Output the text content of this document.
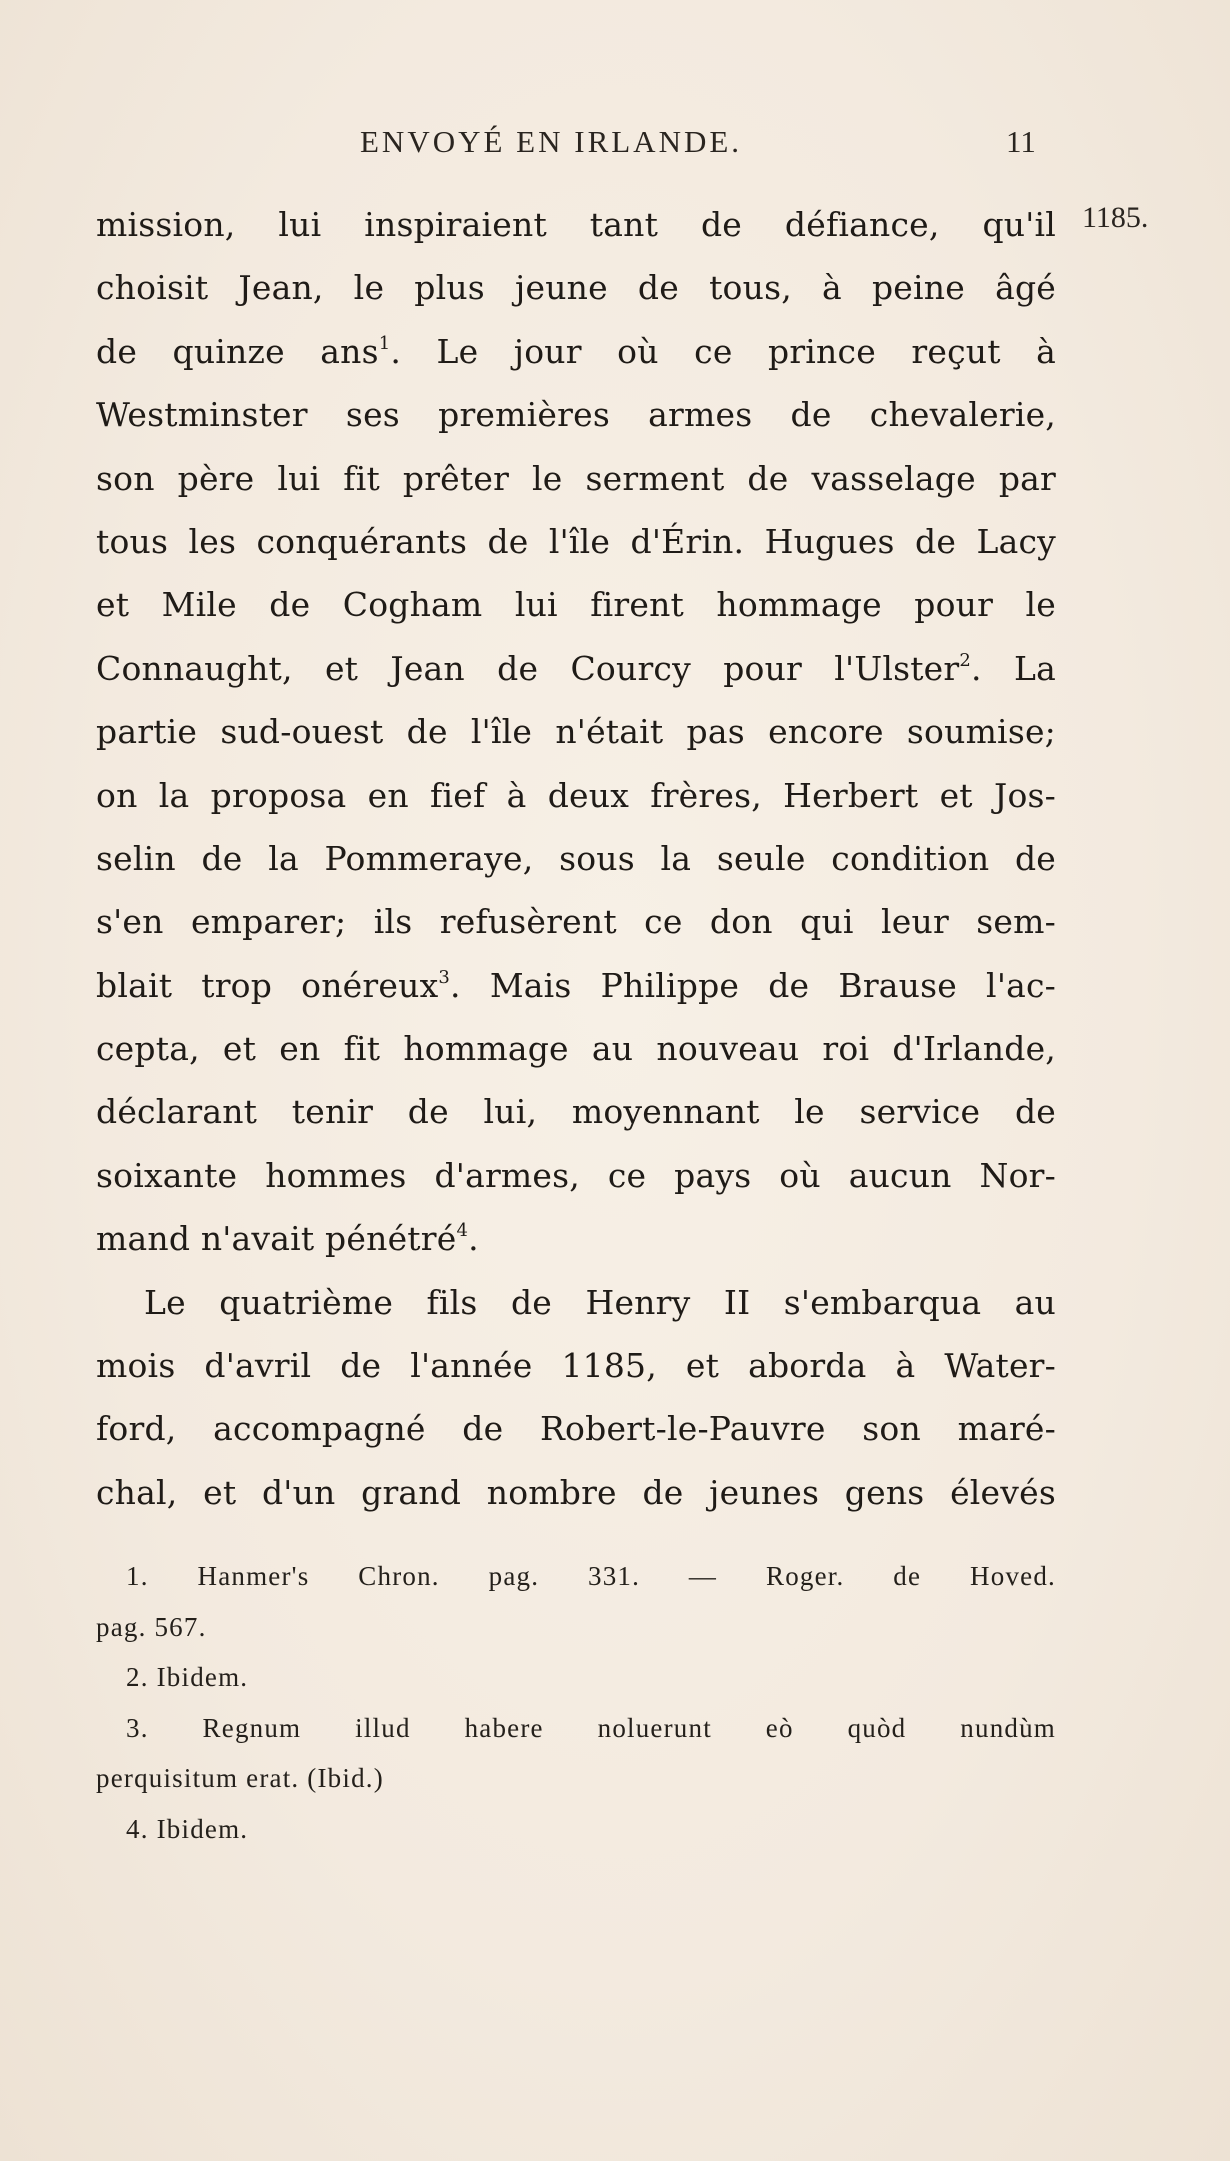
ENVOYÉ EN IRLANDE.	11
1185.
mission, lui inspiraient tant de défiance, qu'il
choisit Jean, le plus jeune de tous, à peine âgé
de quinze ans$^1$. Le jour où ce prince reçut à
Westminster ses premières armes de chevalerie,
son père lui fit prêter le serment de vasselage par
tous les conquérants de l'île d'Érin. Hugues de Lacy
et Mile de Cogham lui firent hommage pour le
Connaught, et Jean de Courcy pour l'Ulster$^2$. La
partie sud-ouest de l'île n'était pas encore soumise;
on la proposa en fief à deux frères, Herbert et Jos-
selin de la Pommeraye, sous la seule condition de
s'en emparer; ils refusèrent ce don qui leur sem-
blait trop onéreux$^3$. Mais Philippe de Brause l'ac-
cepta, et en fit hommage au nouveau roi d'Irlande,
déclarant tenir de lui, moyennant le service de
soixante hommes d'armes, ce pays où aucun Nor-
mand n'avait pénétré$^4$.
Le quatrième fils de Henry II s'embarqua au
mois d'avril de l'année 1185, et aborda à Water-
ford, accompagné de Robert-le-Pauvre son maré-
chal, et d'un grand nombre de jeunes gens élevés
1. Hanmer's Chron. pag. 331. — Roger. de Hoved.
pag. 567.
2. Ibidem.
3. Regnum illud habere noluerunt eò quòd nundùm
perquisitum erat. (Ibid.)
4. Ibidem.
